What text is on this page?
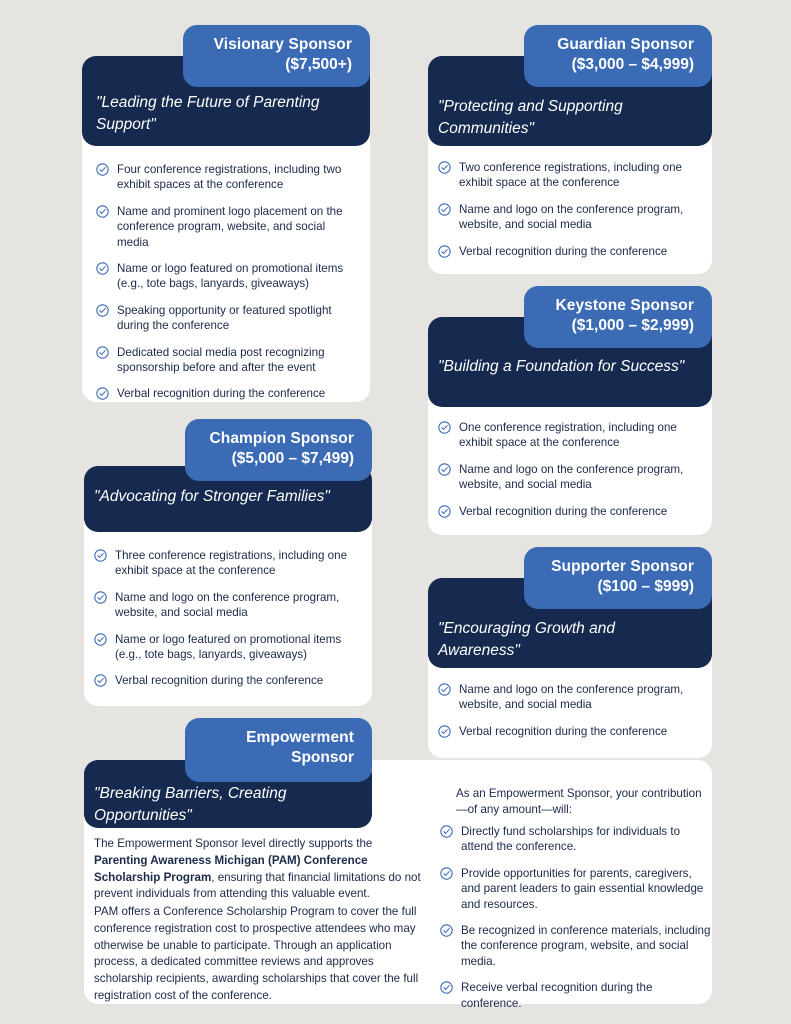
Visionary Sponsor
($7,500+)
"Leading the Future of Parenting Support"
Four conference registrations, including two exhibit spaces at the conference
Name and prominent logo placement on the conference program, website, and social media
Name or logo featured on promotional items (e.g., tote bags, lanyards, giveaways)
Speaking opportunity or featured spotlight during the conference
Dedicated social media post recognizing sponsorship before and after the event
Verbal recognition during the conference
Guardian Sponsor
($3,000 – $4,999)
"Protecting and Supporting Communities"
Two conference registrations, including one exhibit space at the conference
Name and logo on the conference program, website, and social media
Verbal recognition during the conference
Keystone Sponsor
($1,000 – $2,999)
"Building a Foundation for Success"
One conference registration, including one exhibit space at the conference
Name and logo on the conference program, website, and social media
Verbal recognition during the conference
Champion Sponsor
($5,000 – $7,499)
"Advocating for Stronger Families"
Three conference registrations, including one exhibit space at the conference
Name and logo on the conference program, website, and social media
Name or logo featured on promotional items (e.g., tote bags, lanyards, giveaways)
Verbal recognition during the conference
Supporter Sponsor
($100 – $999)
"Encouraging Growth and Awareness"
Name and logo on the conference program, website, and social media
Verbal recognition during the conference
Empowerment
Sponsor
"Breaking Barriers, Creating Opportunities"
The Empowerment Sponsor level directly supports the Parenting Awareness Michigan (PAM) Conference Scholarship Program, ensuring that financial limitations do not prevent individuals from attending this valuable event.
PAM offers a Conference Scholarship Program to cover the full conference registration cost to prospective attendees who may otherwise be unable to participate. Through an application process, a dedicated committee reviews and approves scholarship recipients, awarding scholarships that cover the full registration cost of the conference.
As an Empowerment Sponsor, your contribution—of any amount—will:
Directly fund scholarships for individuals to attend the conference.
Provide opportunities for parents, caregivers, and parent leaders to gain essential knowledge and resources.
Be recognized in conference materials, including the conference program, website, and social media.
Receive verbal recognition during the conference.
